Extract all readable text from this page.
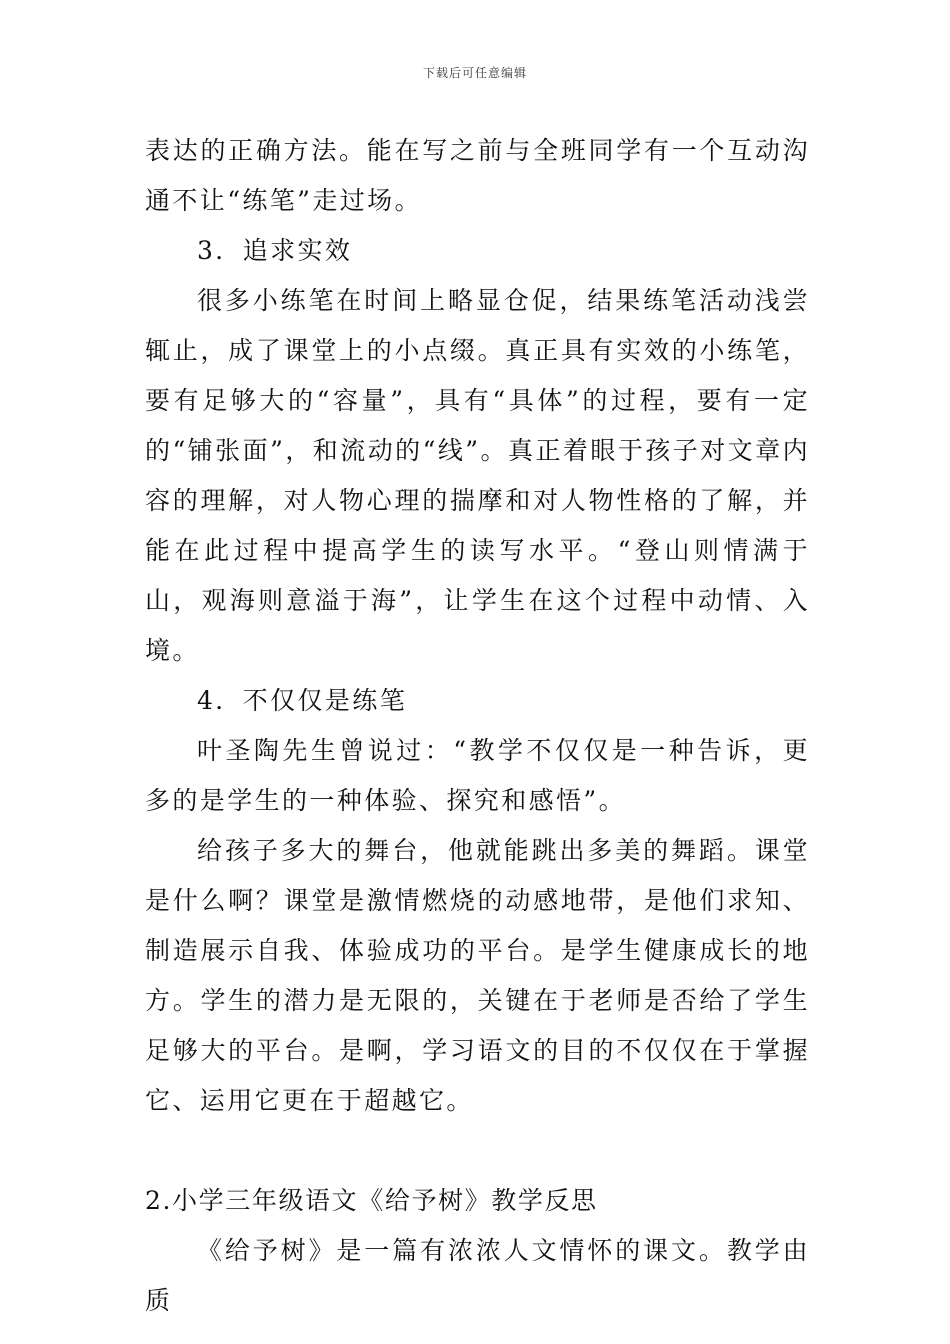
下载后可任意编辑

表达的正确方法。能在写之前与全班同学有一个互动沟通不让“练笔”走过场。

3．追求实效

很多小练笔在时间上略显仓促，结果练笔活动浅尝辄止，成了课堂上的小点缀。真正具有实效的小练笔，要有足够大的“容量”，具有“具体”的过程，要有一定的“铺张面”，和流动的“线”。真正着眼于孩子对文章内容的理解，对人物心理的揣摩和对人物性格的了解，并能在此过程中提高学生的读写水平。“登山则情满于山，观海则意溢于海”，让学生在这个过程中动情、入境。

4．不仅仅是练笔

叶圣陶先生曾说过：“教学不仅仅是一种告诉，更多的是学生的一种体验、探究和感悟”。

给孩子多大的舞台，他就能跳出多美的舞蹈。课堂是什么啊？课堂是激情燃烧的动感地带，是他们求知、制造展示自我、体验成功的平台。是学生健康成长的地方。学生的潜力是无限的，关键在于老师是否给了学生足够大的平台。是啊，学习语文的目的不仅仅在于掌握它、运用它更在于超越它。

2.小学三年级语文《给予树》教学反思

《给予树》是一篇有浓浓人文情怀的课文。教学由质
